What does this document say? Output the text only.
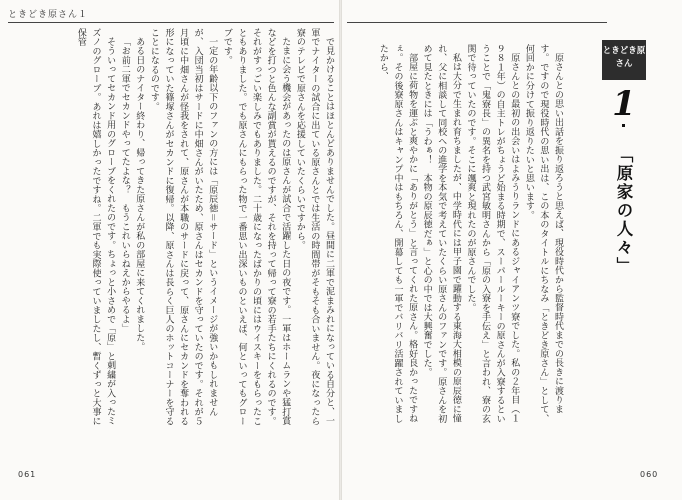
ときどき原さん１

原さんとの思い出話を振り返ろうと思えば、現役時代から監督時代までの長きに渡ります。ですので現役時代の思い出は、この本のタイトルにちなみ「ときどき原さん」として、何回かに分けて振り返りたいと思います。

原さんとの最初の出会いはよみうりランドにあるジャイアンツ寮でした。私の２年目（１９８１年）の自主トレがちょうど始まる時期で、スーパールーキーの原さんが入寮するということで「鬼寮長」の異名を持つ武宮敏明さんから「原の入寮を手伝え」と言われ、寮の玄関で待っていたのです。そこに颯爽と現れたのが原さんでした。

私は大分で生まれ育ちましたが、中学時代には甲子園で躍動する東海大相模の原辰徳に憧れ、父に相談して同校への進学を本気で考えていたくらい原さんのファンです。原さんを初めて見たときには「うわぁ！　本物の原辰徳だぁ」と心の中では大興奮でした。

部屋に荷物を運ぶと爽やかに「ありがとう」と言ってくれた原さん。格好良かったですねぇ。その後寮原さんはキャンプ中はもちろん、開幕しても一軍でバリバリ活躍されていましたから、	ときどき原さん
1
「原家の人々」

で見かけることはほとんどありませんでした。昼間に二軍で泥まみれになっている自分と、一軍でナイターの試合に出ている原さんとでは生活の時間帯がそもそも合いません。夜になったら寮のテレビで原さんを応援していたくらいですから。

たまに会う機会があったのは原さんが試合で活躍した日の夜です。一軍はホームランや猛打賞などを打つと色んな副賞が貰えるのですが、それを持って帰って寮の若手たちにくれるのです。それがすっごい楽しみでもありました。二十歳になったばかりの頃にはウイスキーをもらったこともありました。でも原さんにもらった物で一番思い出深いものといえば、何といってもグローブです。

一定の年齢以下のファンの方には「原辰徳＝サード」というイメージが強いかもしれませんが、入団当初はサードに中畑さんがいたため、原さんはセカンドを守っていたのです。それが５月頃に中畑さんが怪我をされて、原さんが本職のサードに戻って、原さんにセカンドを奪われる形になっていた篠塚さんがセカンドに復帰。以降、原さんは長らく巨人のホットコーナーを守ることになるのです。

ある日のナイター終わり、帰ってきた原さんが私の部屋に来てくれました。

「お前二軍でセカンドやってたよな？　もうこれいらねえからやるよ」

そういってセカンド用のグローブをくれたのです。ちょっと小さめで「原」と刺繍が入ったミズノのグローブ。あれは嬉しかったですね。二軍でも実際使っていましたし、暫くずっと大事に保管

061	060
